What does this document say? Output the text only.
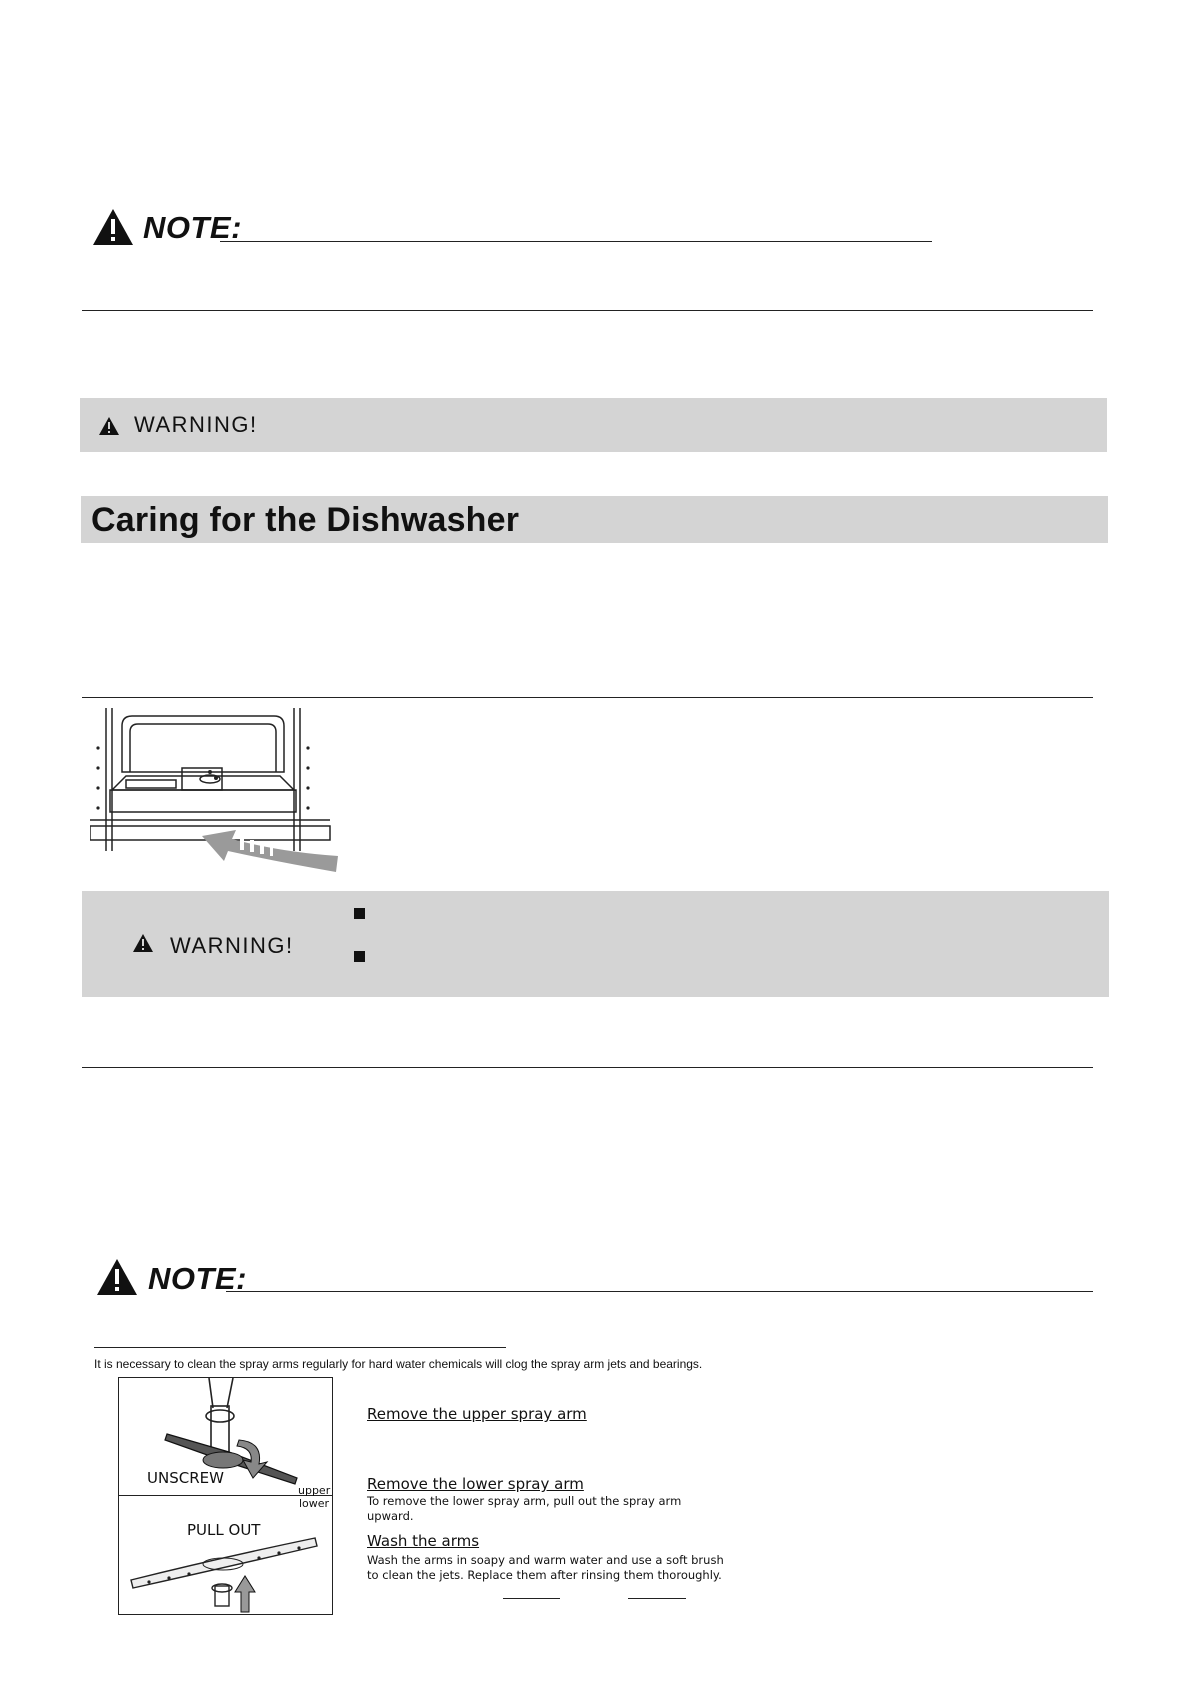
NOTE:
WARNING!
Caring for the Dishwasher
WARNING!
NOTE:
It is necessary to clean the spray arms regularly for hard water chemicals will clog the spray arm jets and bearings.
UNSCREW
upper
lower
PULL OUT
Remove the upper spray arm
Remove the lower spray arm
To remove the lower spray arm, pull out the spray arm upward.
Wash the arms
Wash the arms in soapy and warm water and use a soft brush to clean the jets. Replace them after rinsing them thoroughly.
